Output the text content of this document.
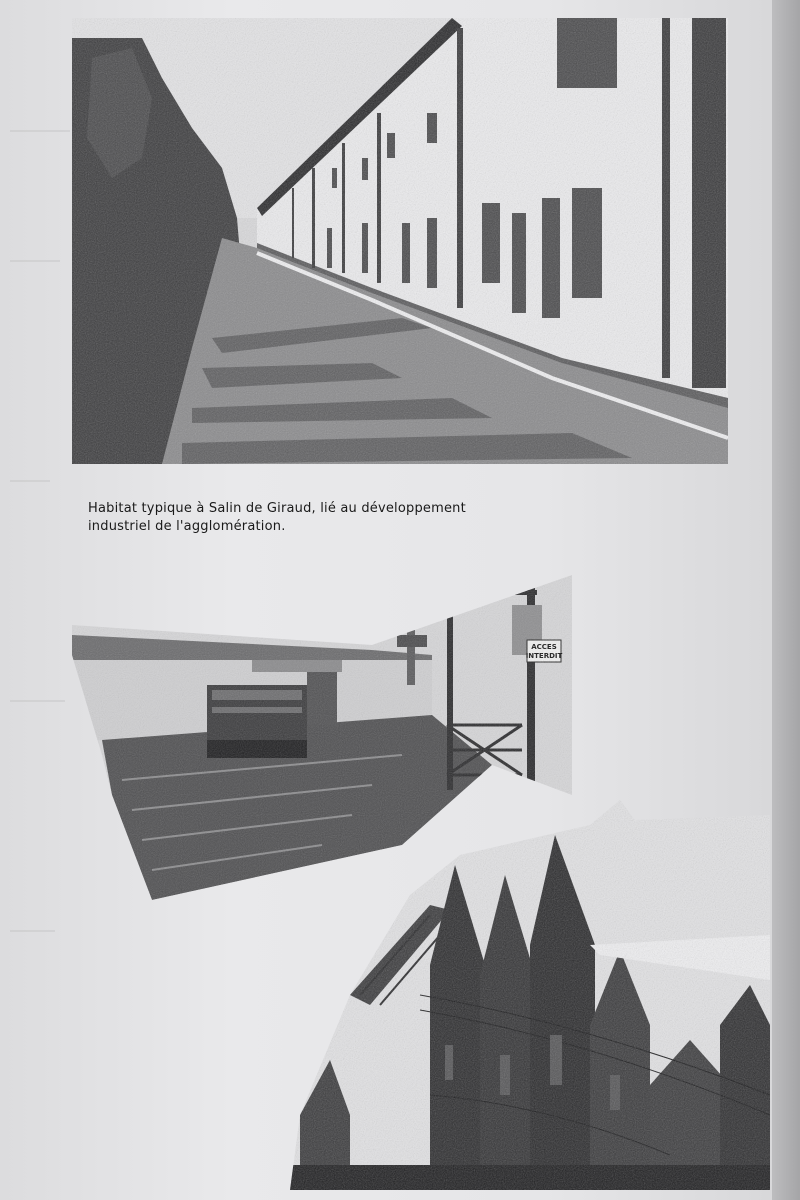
Habitat typique à Salin de Giraud, lié au développement
industriel de l'agglomération.
